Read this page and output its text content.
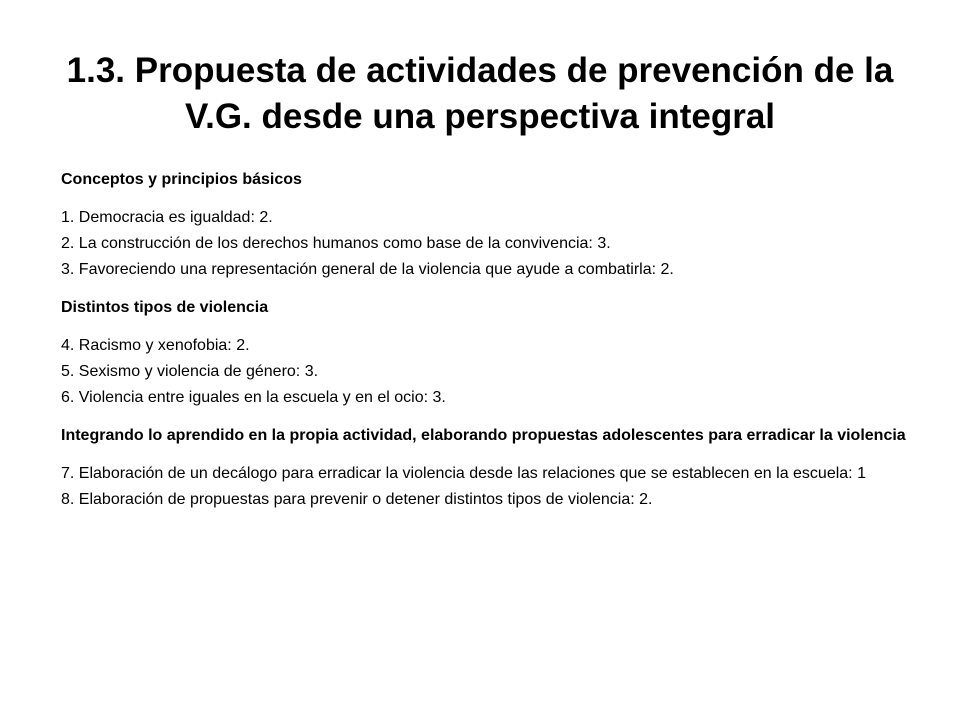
1.3. Propuesta de actividades de prevención de la V.G. desde una perspectiva integral

Conceptos y principios básicos

1. Democracia es igualdad: 2.

2. La construcción de los derechos humanos como base de la convivencia: 3.

3. Favoreciendo una representación general de la violencia que ayude a combatirla: 2.

Distintos tipos de violencia

4. Racismo y xenofobia: 2.

5. Sexismo y violencia de género: 3.

6. Violencia entre iguales en la escuela y en el ocio: 3.

Integrando lo aprendido en la propia actividad, elaborando propuestas adolescentes para erradicar la violencia

7. Elaboración de un decálogo para erradicar la violencia desde las relaciones que se establecen en la escuela: 1

8. Elaboración de propuestas para prevenir o detener distintos tipos de violencia: 2.
